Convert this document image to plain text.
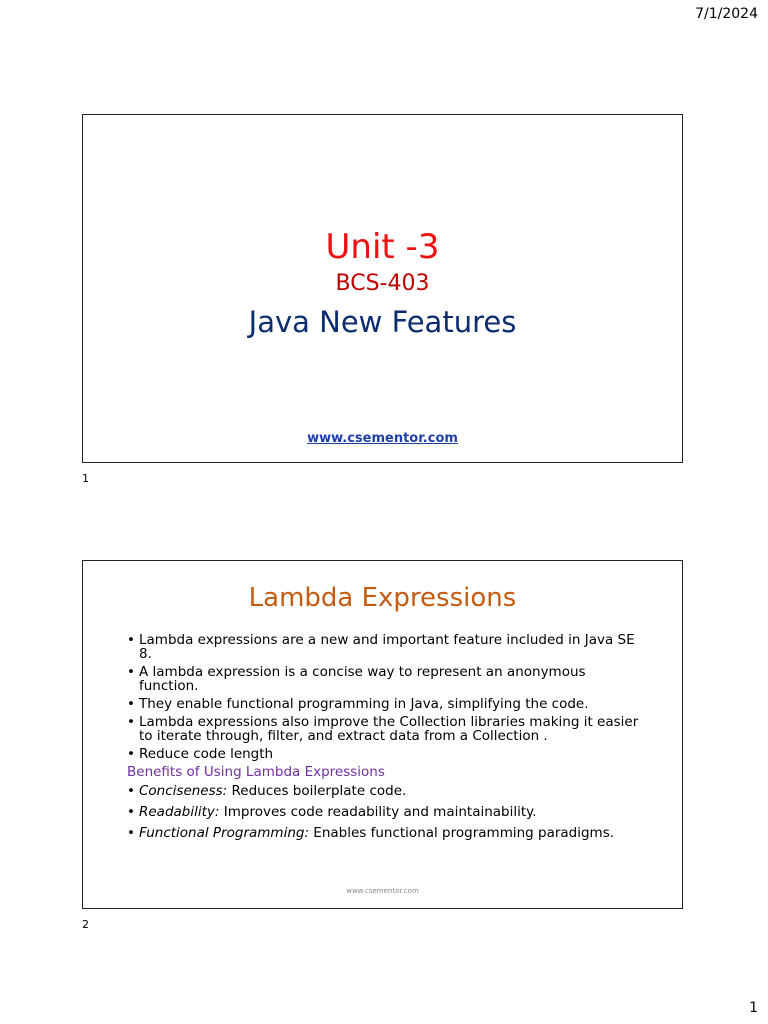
7/1/2024
Unit -3
BCS-403
Java New Features
www.csementor.com
1
Lambda Expressions
• Lambda expressions are a new and important feature included in Java SE 8.
• A lambda expression is a concise way to represent an anonymous function.
• They enable functional programming in Java, simplifying the code.
• Lambda expressions also improve the Collection libraries making it easier to iterate through, filter, and extract data from a Collection .
• Reduce code length
Benefits of Using Lambda Expressions
• Conciseness: Reduces boilerplate code.
• Readability: Improves code readability and maintainability.
• Functional Programming: Enables functional programming paradigms.
www.csementor.com
2
1
